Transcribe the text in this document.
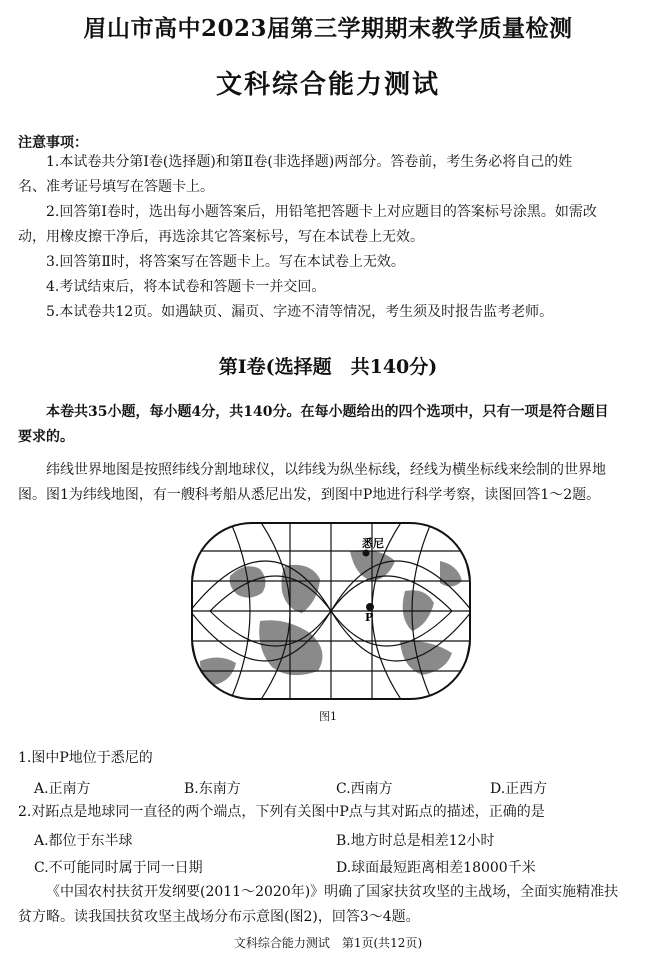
眉山市高中2023届第三学期期末教学质量检测
文科综合能力测试
注意事项：
1.本试卷共分第Ⅰ卷(选择题)和第Ⅱ卷(非选择题)两部分。答卷前，考生务必将自己的姓
名、准考证号填写在答题卡上。
2.回答第Ⅰ卷时，选出每小题答案后，用铅笔把答题卡上对应题目的答案标号涂黑。如需改
动，用橡皮擦干净后，再选涂其它答案标号，写在本试卷上无效。
3.回答第Ⅱ时，将答案写在答题卡上。写在本试卷上无效。
4.考试结束后，将本试卷和答题卡一并交回。
5.本试卷共12页。如遇缺页、漏页、字迹不清等情况，考生须及时报告监考老师。
第Ⅰ卷(选择题　共140分)
本卷共35小题，每小题4分，共140分。在每小题给出的四个选项中，只有一项是符合题目
要求的。
纬线世界地图是按照纬线分割地球仪，以纬线为纵坐标线，经线为横坐标线来绘制的世界地
图。图1为纬线地图，有一艘科考船从悉尼出发，到图中P地进行科学考察，读图回答1～2题。
悉尼
P
图1
1.图中P地位于悉尼的
A.正南方	B.东南方	C.西南方	D.正西方
2.对跖点是地球同一直径的两个端点，下列有关图中P点与其对跖点的描述，正确的是
A.都位于东半球	B.地方时总是相差12小时
C.不可能同时属于同一日期	D.球面最短距离相差18000千米
《中国农村扶贫开发纲要(2011～2020年)》明确了国家扶贫攻坚的主战场，全面实施精准扶
贫方略。读我国扶贫攻坚主战场分布示意图(图2)，回答3～4题。
文科综合能力测试　第1页(共12页)
